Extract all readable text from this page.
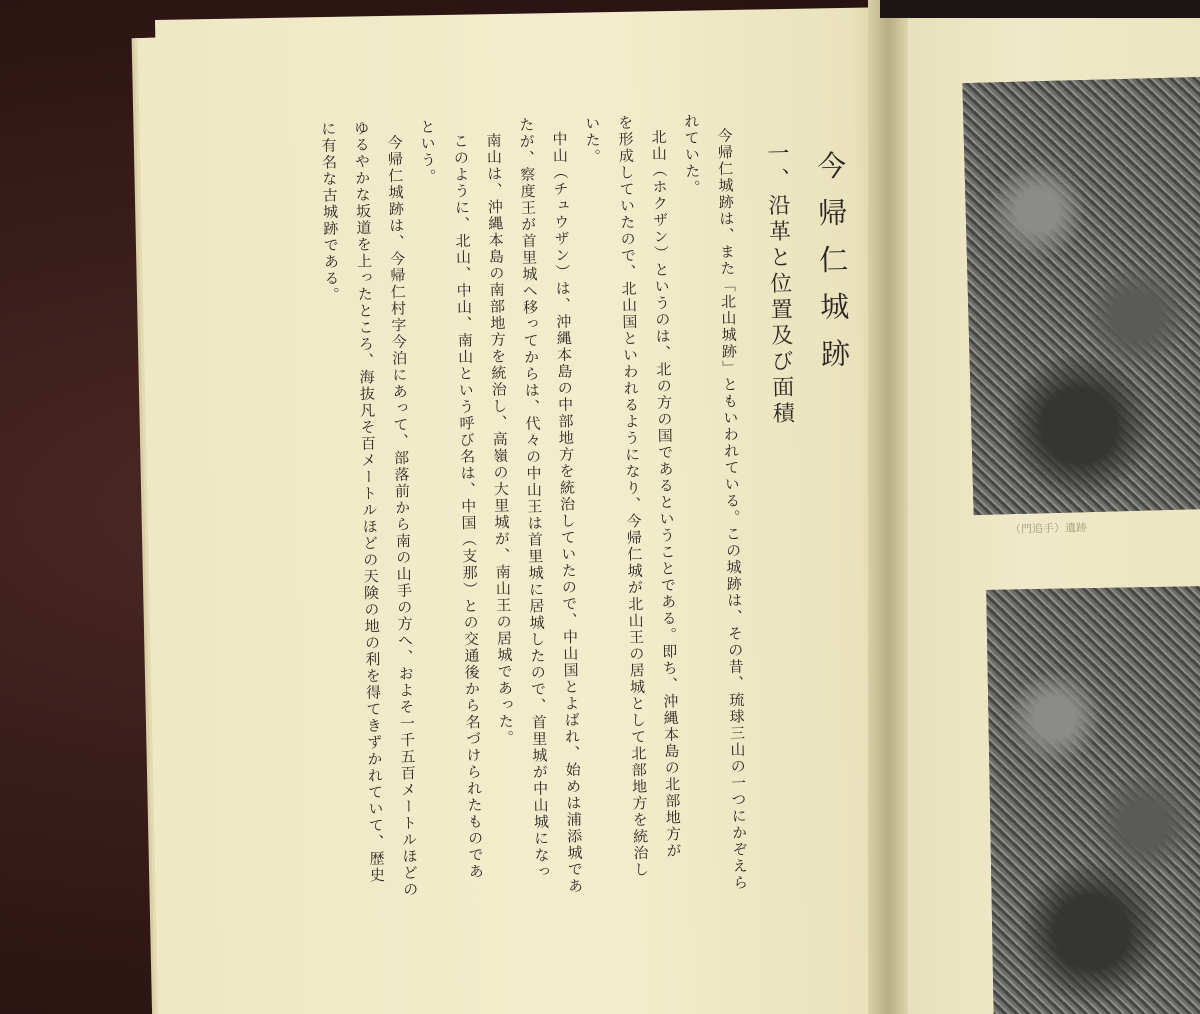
（門追手）遺跡
今帰仁城跡
一、沿革と位置及び面積
今帰仁城跡は、また「北山城跡」ともいわれている。この城跡は、その昔、琉球三山の一つにかぞえら
れていた。
北山（ホクザン）というのは、北の方の国であるということである。即ち、沖縄本島の北部地方が
を形成していたので、北山国といわれるようになり、今帰仁城が北山王の居城として北部地方を統治し
いた。
中山（チュウザン）は、沖縄本島の中部地方を統治していたので、中山国とよばれ、始めは浦添城であ
たが、察度王が首里城へ移ってからは、代々の中山王は首里城に居城したので、首里城が中山城になっ
南山は、沖縄本島の南部地方を統治し、高嶺の大里城が、南山王の居城であった。
このように、北山、中山、南山という呼び名は、中国（支那）との交通後から名づけられたものであ
という。
今帰仁城跡は、今帰仁村字今泊にあって、部落前から南の山手の方へ、およそ一千五百メートルほどの
ゆるやかな坂道を上ったところ、海抜凡そ百メートルほどの天険の地の利を得てきずかれていて、歴史
に有名な古城跡である。
